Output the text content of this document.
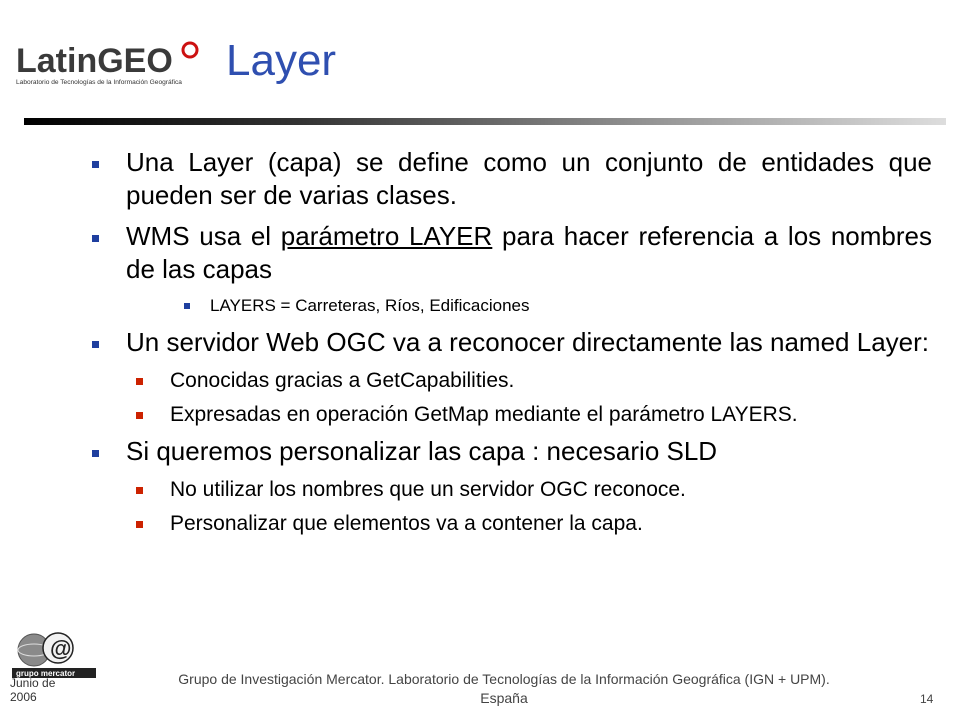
LatinGEO
Laboratorio de Tecnologías de la Información Geográfica Layer
Una Layer (capa) se define como un conjunto de entidades que pueden ser de varias clases.
WMS usa el parámetro LAYER para hacer referencia a los nombres de las capas
LAYERS = Carreteras, Ríos, Edificaciones
Un servidor Web OGC va a reconocer directamente las named Layer:
Conocidas gracias a GetCapabilities.
Expresadas en operación GetMap mediante el parámetro LAYERS.
Si queremos personalizar las capa : necesario SLD
No utilizar los nombres que un servidor OGC reconoce.
Personalizar que elementos va a contener la capa.
@
grupo mercator
Junio de
2006
Grupo de Investigación Mercator. Laboratorio de Tecnologías de la Información Geográfica (IGN + UPM).
España	14
